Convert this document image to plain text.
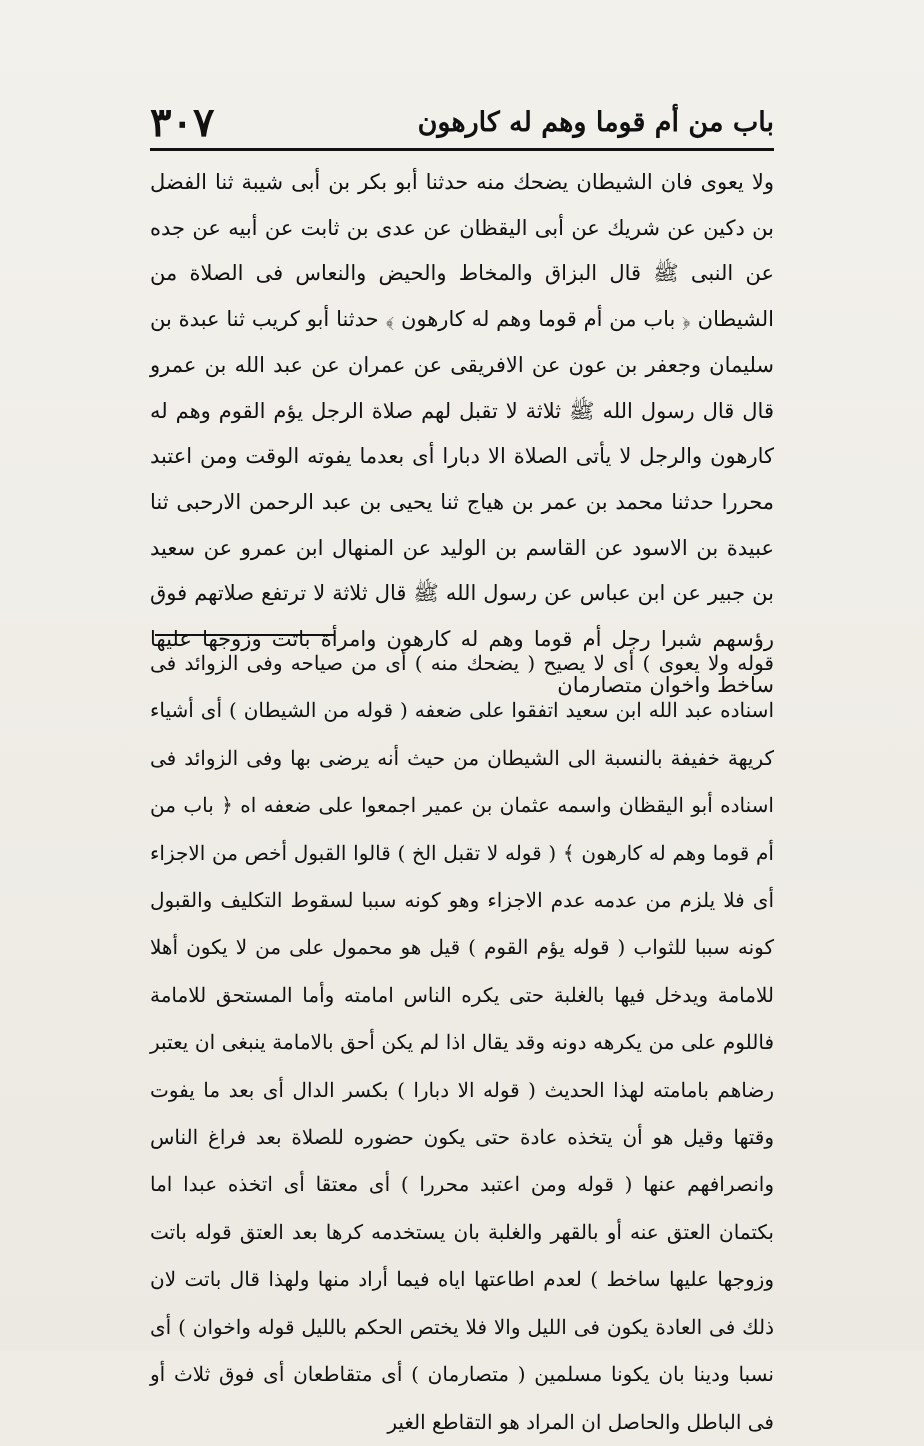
باب من أم قوما وهم له كارهون
۳۰۷

ولا يعوى فان الشيطان يضحك منه حدثنا أبو بكر بن أبى شيبة ثنا الفضل بن دكين عن شريك عن أبى اليقظان عن عدى بن ثابت عن أبيه عن جده عن النبى ﷺ قال البزاق والمخاط والحيض والنعاس فى الصلاة من الشيطان ﴿ باب من أم قوما وهم له كارهون ﴾ حدثنا أبو كريب ثنا عبدة بن سليمان وجعفر بن عون عن الافريقى عن عمران عن عبد الله بن عمرو قال قال رسول الله ﷺ ثلاثة لا تقبل لهم صلاة الرجل يؤم القوم وهم له كارهون والرجل لا يأتى الصلاة الا دبارا أى بعدما يفوته الوقت ومن اعتبد محررا حدثنا محمد بن عمر بن هياج ثنا يحيى بن عبد الرحمن الارحبى ثنا عبيدة بن الاسود عن القاسم بن الوليد عن المنهال ابن عمرو عن سعيد بن جبير عن ابن عباس عن رسول الله ﷺ قال ثلاثة لا ترتفع صلاتهم فوق رؤسهم شبرا رجل أم قوما وهم له كارهون وامرأة باتت وزوجها عليها ساخط واخوان متصارمان

قوله ولا يعوى ) أى لا يصيح ( يضحك منه ) أى من صياحه وفى الزوائد فى اسناده عبد الله ابن سعيد اتفقوا على ضعفه ( قوله من الشيطان ) أى أشياء كريهة خفيفة بالنسبة الى الشيطان من حيث أنه يرضى بها وفى الزوائد فى اسناده أبو اليقظان واسمه عثمان بن عمير اجمعوا على ضعفه اه ﴿ باب من أم قوما وهم له كارهون ﴾ ( قوله لا تقبل الخ ) قالوا القبول أخص من الاجزاء أى فلا يلزم من عدمه عدم الاجزاء وهو كونه سببا لسقوط التكليف والقبول كونه سببا للثواب ( قوله يؤم القوم ) قيل هو محمول على من لا يكون أهلا للامامة ويدخل فيها بالغلبة حتى يكره الناس امامته وأما المستحق للامامة فاللوم على من يكرهه دونه وقد يقال اذا لم يكن أحق بالامامة ينبغى ان يعتبر رضاهم بامامته لهذا الحديث ( قوله الا دبارا ) بكسر الدال أى بعد ما يفوت وقتها وقيل هو أن يتخذه عادة حتى يكون حضوره للصلاة بعد فراغ الناس وانصرافهم عنها ( قوله ومن اعتبد محررا ) أى معتقا أى اتخذه عبدا اما بكتمان العتق عنه أو بالقهر والغلبة بان يستخدمه كرها بعد العتق قوله باتت وزوجها عليها ساخط ) لعدم اطاعتها اياه فيما أراد منها ولهذا قال باتت لان ذلك فى العادة يكون فى الليل والا فلا يختص الحكم بالليل قوله واخوان ) أى نسبا ودينا بان يكونا مسلمين ( متصارمان ) أى متقاطعان أى فوق ثلاث أو فى الباطل والحاصل ان المراد هو التقاطع الغير
